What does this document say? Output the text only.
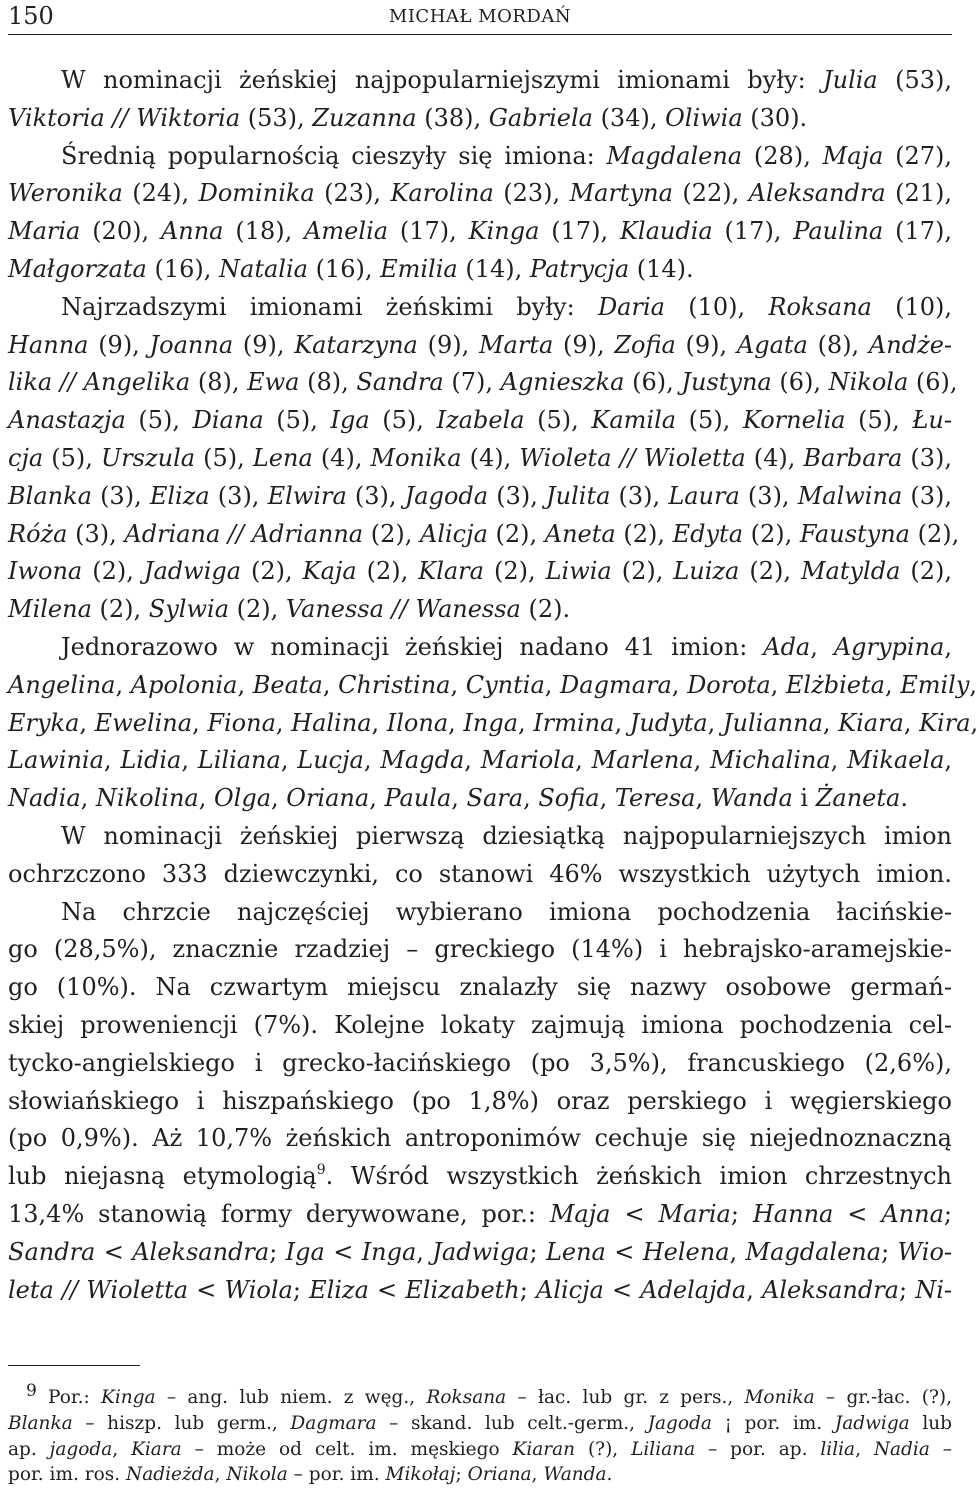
150	MICHAŁ MORDAŃ
W nominacji żeńskiej najpopularniejszymi imionami były: Julia (53),
Viktoria // Wiktoria (53), Zuzanna (38), Gabriela (34), Oliwia (30).
Średnią popularnością cieszyły się imiona: Magdalena (28), Maja (27),
Weronika (24), Dominika (23), Karolina (23), Martyna (22), Aleksandra (21),
Maria (20), Anna (18), Amelia (17), Kinga (17), Klaudia (17), Paulina (17),
Małgorzata (16), Natalia (16), Emilia (14), Patrycja (14).
Najrzadszymi imionami żeńskimi były: Daria (10), Roksana (10),
Hanna (9), Joanna (9), Katarzyna (9), Marta (9), Zofia (9), Agata (8), Andże-
lika // Angelika (8), Ewa (8), Sandra (7), Agnieszka (6), Justyna (6), Nikola (6),
Anastazja (5), Diana (5), Iga (5), Izabela (5), Kamila (5), Kornelia (5), Łu-
cja (5), Urszula (5), Lena (4), Monika (4), Wioleta // Wioletta (4), Barbara (3),
Blanka (3), Eliza (3), Elwira (3), Jagoda (3), Julita (3), Laura (3), Malwina (3),
Róża (3), Adriana // Adrianna (2), Alicja (2), Aneta (2), Edyta (2), Faustyna (2),
Iwona (2), Jadwiga (2), Kaja (2), Klara (2), Liwia (2), Luiza (2), Matylda (2),
Milena (2), Sylwia (2), Vanessa // Wanessa (2).
Jednorazowo w nominacji żeńskiej nadano 41 imion: Ada, Agrypina,
Angelina, Apolonia, Beata, Christina, Cyntia, Dagmara, Dorota, Elżbieta, Emily,
Eryka, Ewelina, Fiona, Halina, Ilona, Inga, Irmina, Judyta, Julianna, Kiara, Kira,
Lawinia, Lidia, Liliana, Lucja, Magda, Mariola, Marlena, Michalina, Mikaela,
Nadia, Nikolina, Olga, Oriana, Paula, Sara, Sofia, Teresa, Wanda i Żaneta.
W nominacji żeńskiej pierwszą dziesiątką najpopularniejszych imion
ochrzczono 333 dziewczynki, co stanowi 46% wszystkich użytych imion.
Na chrzcie najczęściej wybierano imiona pochodzenia łacińskie-
go (28,5%), znacznie rzadziej – greckiego (14%) i hebrajsko-aramejskie-
go (10%). Na czwartym miejscu znalazły się nazwy osobowe germań-
skiej proweniencji (7%). Kolejne lokaty zajmują imiona pochodzenia cel-
tycko-angielskiego i grecko-łacińskiego (po 3,5%), francuskiego (2,6%),
słowiańskiego i hiszpańskiego (po 1,8%) oraz perskiego i węgierskiego
(po 0,9%). Aż 10,7% żeńskich antroponimów cechuje się niejednoznaczną
lub niejasną etymologią$^9$. Wśród wszystkich żeńskich imion chrzestnych
13,4% stanowią formy derywowane, por.: Maja < Maria; Hanna < Anna;
Sandra < Aleksandra; Iga < Inga, Jadwiga; Lena < Helena, Magdalena; Wio-
leta // Wioletta < Wiola; Eliza < Elizabeth; Alicja < Adelajda, Aleksandra; Ni-
9 Por.: Kinga – ang. lub niem. z węg., Roksana – łac. lub gr. z pers., Monika – gr.-łac. (?),
Blanka – hiszp. lub germ., Dagmara – skand. lub celt.-germ., Jagoda ¡ por. im. Jadwiga lub
ap. jagoda, Kiara – może od celt. im. męskiego Kiaran (?), Liliana – por. ap. lilia, Nadia –
por. im. ros. Nadieżda, Nikola – por. im. Mikołaj; Oriana, Wanda.
